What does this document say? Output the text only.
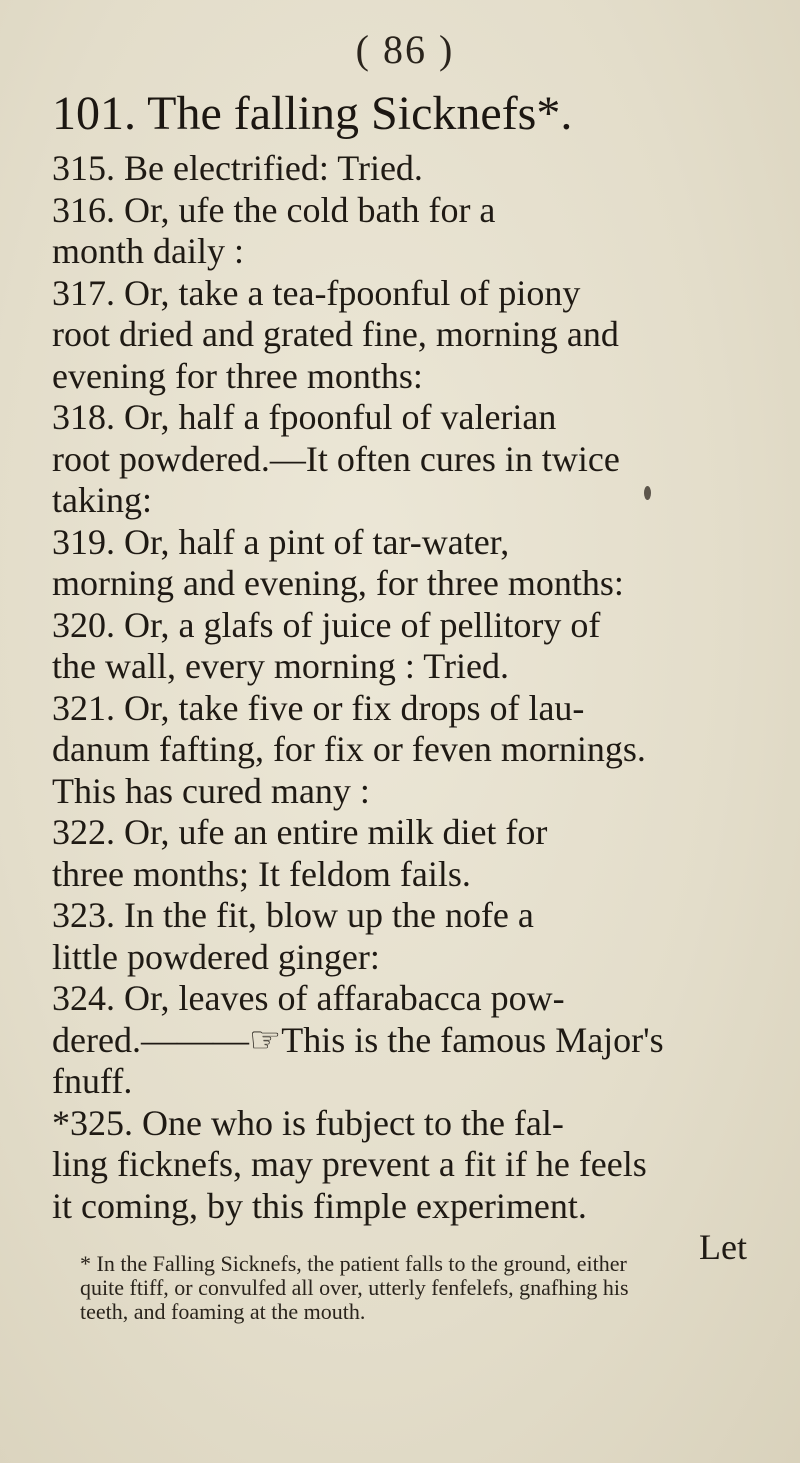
( 86 )
101. The falling Sicknefs*.
315. Be electrified: Tried.
316. Or, ufe the cold bath for a
month daily :
317. Or, take a tea-fpoonful of piony
root dried and grated fine, morning and
evening for three months:
318. Or, half a fpoonful of valerian
root powdered.—It often cures in twice
taking:
319. Or, half a pint of tar-water,
morning and evening, for three months:
320. Or, a glafs of juice of pellitory of
the wall, every morning : Tried.
321. Or, take five or fix drops of lau-
danum fafting, for fix or feven mornings.
This has cured many :
322. Or, ufe an entire milk diet for
three months; It feldom fails.
323. In the fit, blow up the nofe a
little powdered ginger:
324. Or, leaves of affarabacca pow-
dered.———☞This is the famous Major's
fnuff.
*325. One who is fubject to the fal-
ling ficknefs, may prevent a fit if he feels
it coming, by this fimple experiment.
Let
* In the Falling Sicknefs, the patient falls to the ground, either
quite ftiff, or convulfed all over, utterly fenfelefs, gnafhing his
teeth, and foaming at the mouth.
